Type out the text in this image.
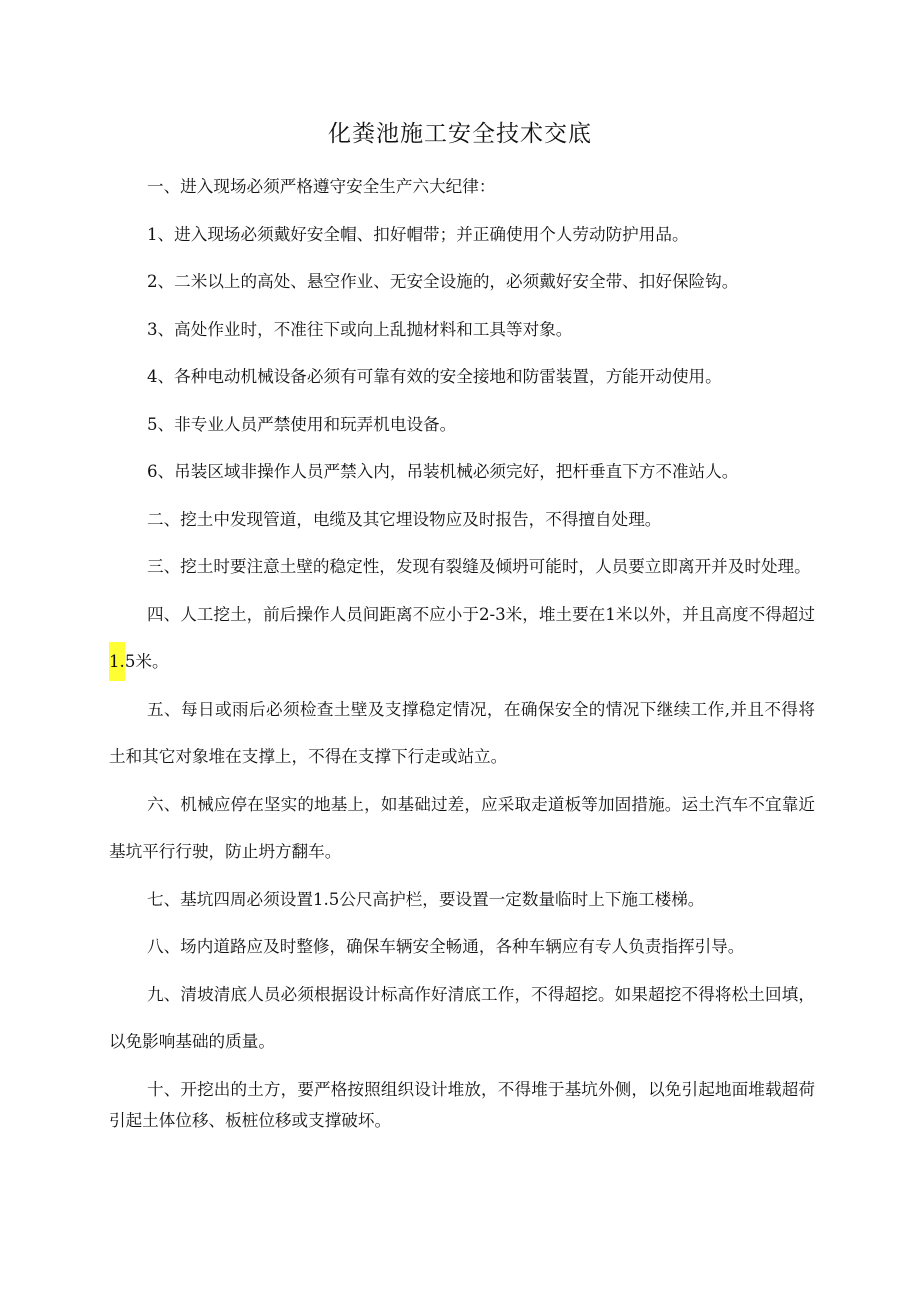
化粪池施工安全技术交底

一、进入现场必须严格遵守安全生产六大纪律：

1、进入现场必须戴好安全帽、扣好帽带；并正确使用个人劳动防护用品。

2、二米以上的高处、悬空作业、无安全设施的，必须戴好安全带、扣好保险钩。

3、高处作业时，不准往下或向上乱抛材料和工具等对象。

4、各种电动机械设备必须有可靠有效的安全接地和防雷装置，方能开动使用。

5、非专业人员严禁使用和玩弄机电设备。

6、吊装区域非操作人员严禁入内，吊装机械必须完好，把杆垂直下方不准站人。

二、挖土中发现管道，电缆及其它埋设物应及时报告，不得擅自处理。

三、挖土时要注意土壁的稳定性，发现有裂缝及倾坍可能时，人员要立即离开并及时处理。

四、人工挖土，前后操作人员间距离不应小于2-3米，堆土要在1米以外，并且高度不得超过1.5米。

五、每日或雨后必须检查土壁及支撑稳定情况，在确保安全的情况下继续工作,并且不得将土和其它对象堆在支撑上，不得在支撑下行走或站立。

六、机械应停在坚实的地基上，如基础过差，应采取走道板等加固措施。运土汽车不宜靠近基坑平行行驶，防止坍方翻车。

七、基坑四周必须设置1.5公尺高护栏，要设置一定数量临时上下施工楼梯。

八、场内道路应及时整修，确保车辆安全畅通，各种车辆应有专人负责指挥引导。

九、清坡清底人员必须根据设计标高作好清底工作，不得超挖。如果超挖不得将松土回填，以免影响基础的质量。

十、开挖出的土方，要严格按照组织设计堆放，不得堆于基坑外侧，以免引起地面堆载超荷引起土体位移、板桩位移或支撑破坏。
